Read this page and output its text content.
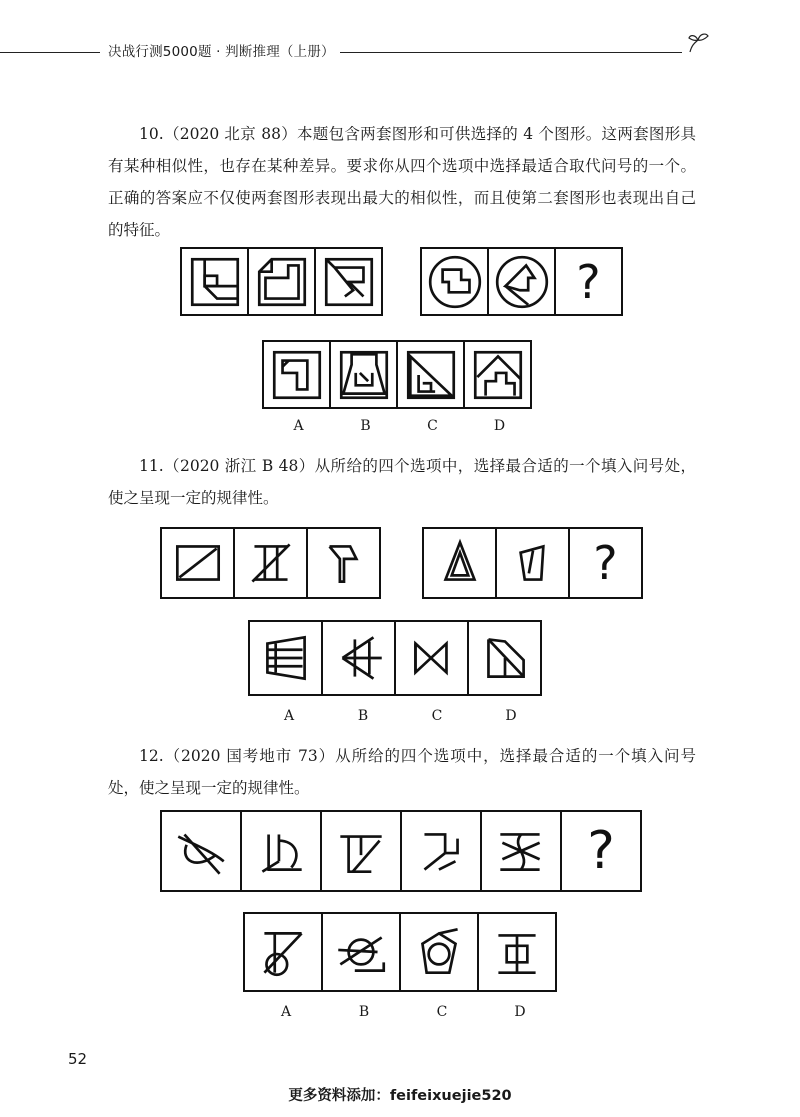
决战行测5000题 · 判断推理（上册）
10.（2020 北京 88）本题包含两套图形和可供选择的 4 个图形。这两套图形具有某种相似性，也存在某种差异。要求你从四个选项中选择最适合取代问号的一个。正确的答案应不仅使两套图形表现出最大的相似性，而且使第二套图形也表现出自己的特征。
?
A	B	C	D
11.（2020 浙江 B 48）从所给的四个选项中，选择最合适的一个填入问号处，使之呈现一定的规律性。
?
A	B	C	D
12.（2020 国考地市 73）从所给的四个选项中，选择最合适的一个填入问号处，使之呈现一定的规律性。
?
A	B	C	D
52
更多资料添加：feifeixuejie520
